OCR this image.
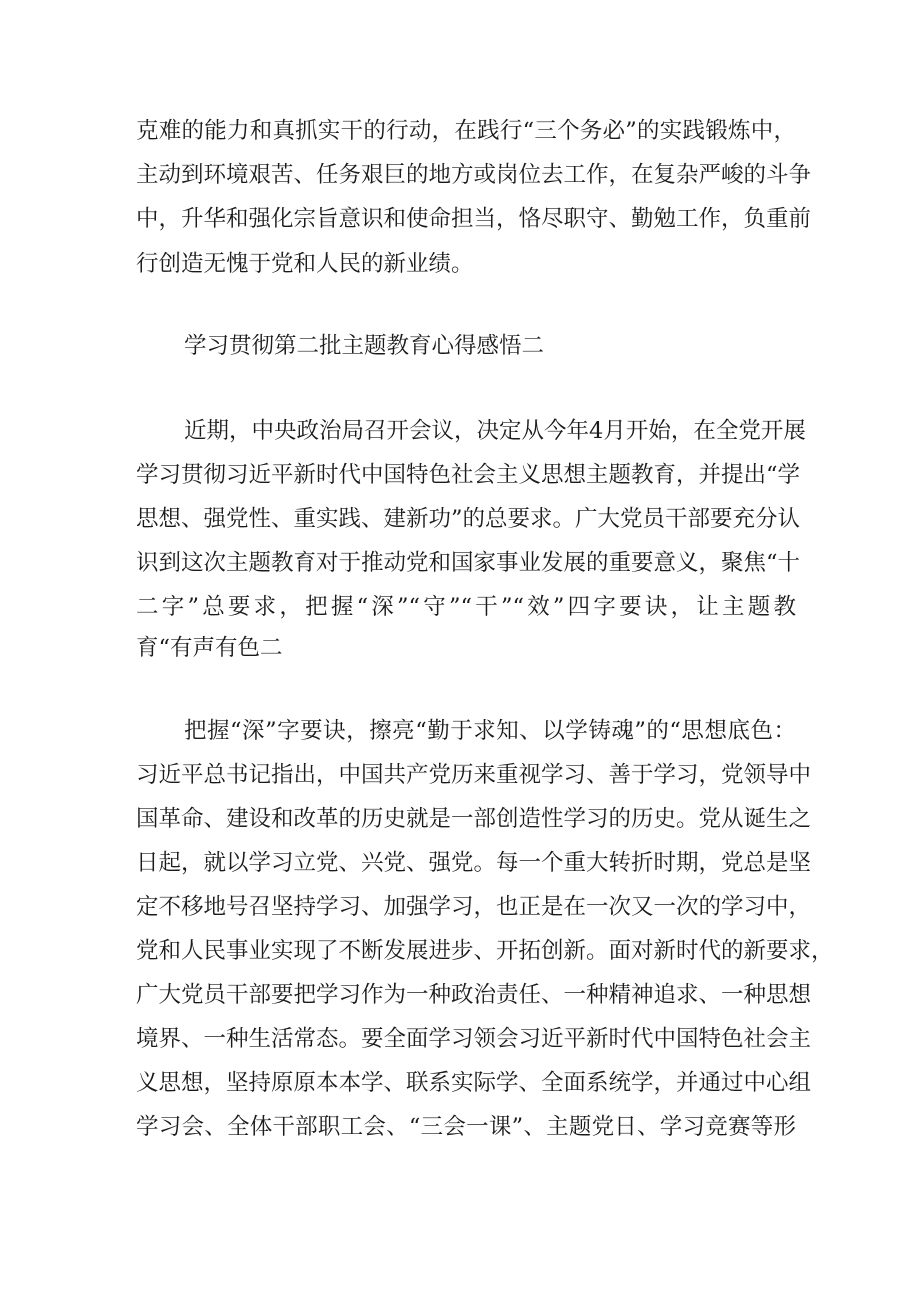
克难的能力和真抓实干的行动，在践行“三个务必”的实践锻炼中，
主动到环境艰苦、任务艰巨的地方或岗位去工作，在复杂严峻的斗争
中，升华和强化宗旨意识和使命担当，恪尽职守、勤勉工作，负重前
行创造无愧于党和人民的新业绩。
学习贯彻第二批主题教育心得感悟二
近期，中央政治局召开会议，决定从今年4月开始，在全党开展
学习贯彻习近平新时代中国特色社会主义思想主题教育，并提出“学
思想、强党性、重实践、建新功”的总要求。广大党员干部要充分认
识到这次主题教育对于推动党和国家事业发展的重要意义，聚焦“十
二字”总要求，把握“深”“守”“干”“效”四字要诀，让主题教
育“有声有色二
把握“深”字要诀，擦亮“勤于求知、以学铸魂”的“思想底色：
习近平总书记指出，中国共产党历来重视学习、善于学习，党领导中
国革命、建设和改革的历史就是一部创造性学习的历史。党从诞生之
日起，就以学习立党、兴党、强党。每一个重大转折时期，党总是坚
定不移地号召坚持学习、加强学习，也正是在一次又一次的学习中，
党和人民事业实现了不断发展进步、开拓创新。面对新时代的新要求，
广大党员干部要把学习作为一种政治责任、一种精神追求、一种思想
境界、一种生活常态。要全面学习领会习近平新时代中国特色社会主
义思想，坚持原原本本学、联系实际学、全面系统学，并通过中心组
学习会、全体干部职工会、“三会一课”、主题党日、学习竞赛等形
